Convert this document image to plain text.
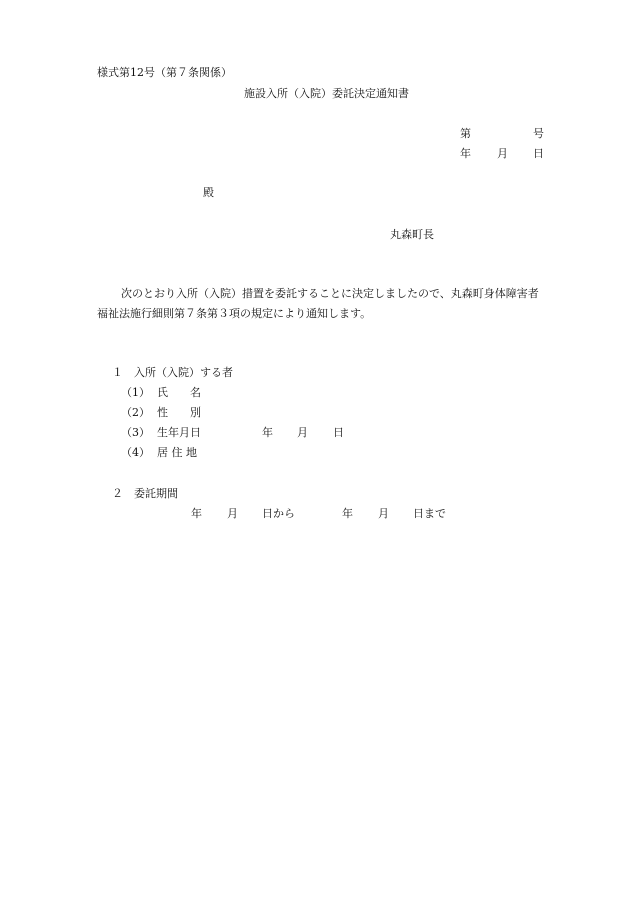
様式第12号（第７条関係）
施設入所（入院）委託決定通知書
第	号
年 月 日
殿
丸森町長
次のとおり入所（入院）措置を委託することに決定しましたので、丸森町身体障害者
福祉法施行細則第７条第３項の規定により通知します。
１　入所（入院）する者
（1） 氏　　名
（2） 性　　別
（3） 生年月日	年 月 日
（4） 居 住 地
２　委託期間
年 月 日から	年 月 日まで
